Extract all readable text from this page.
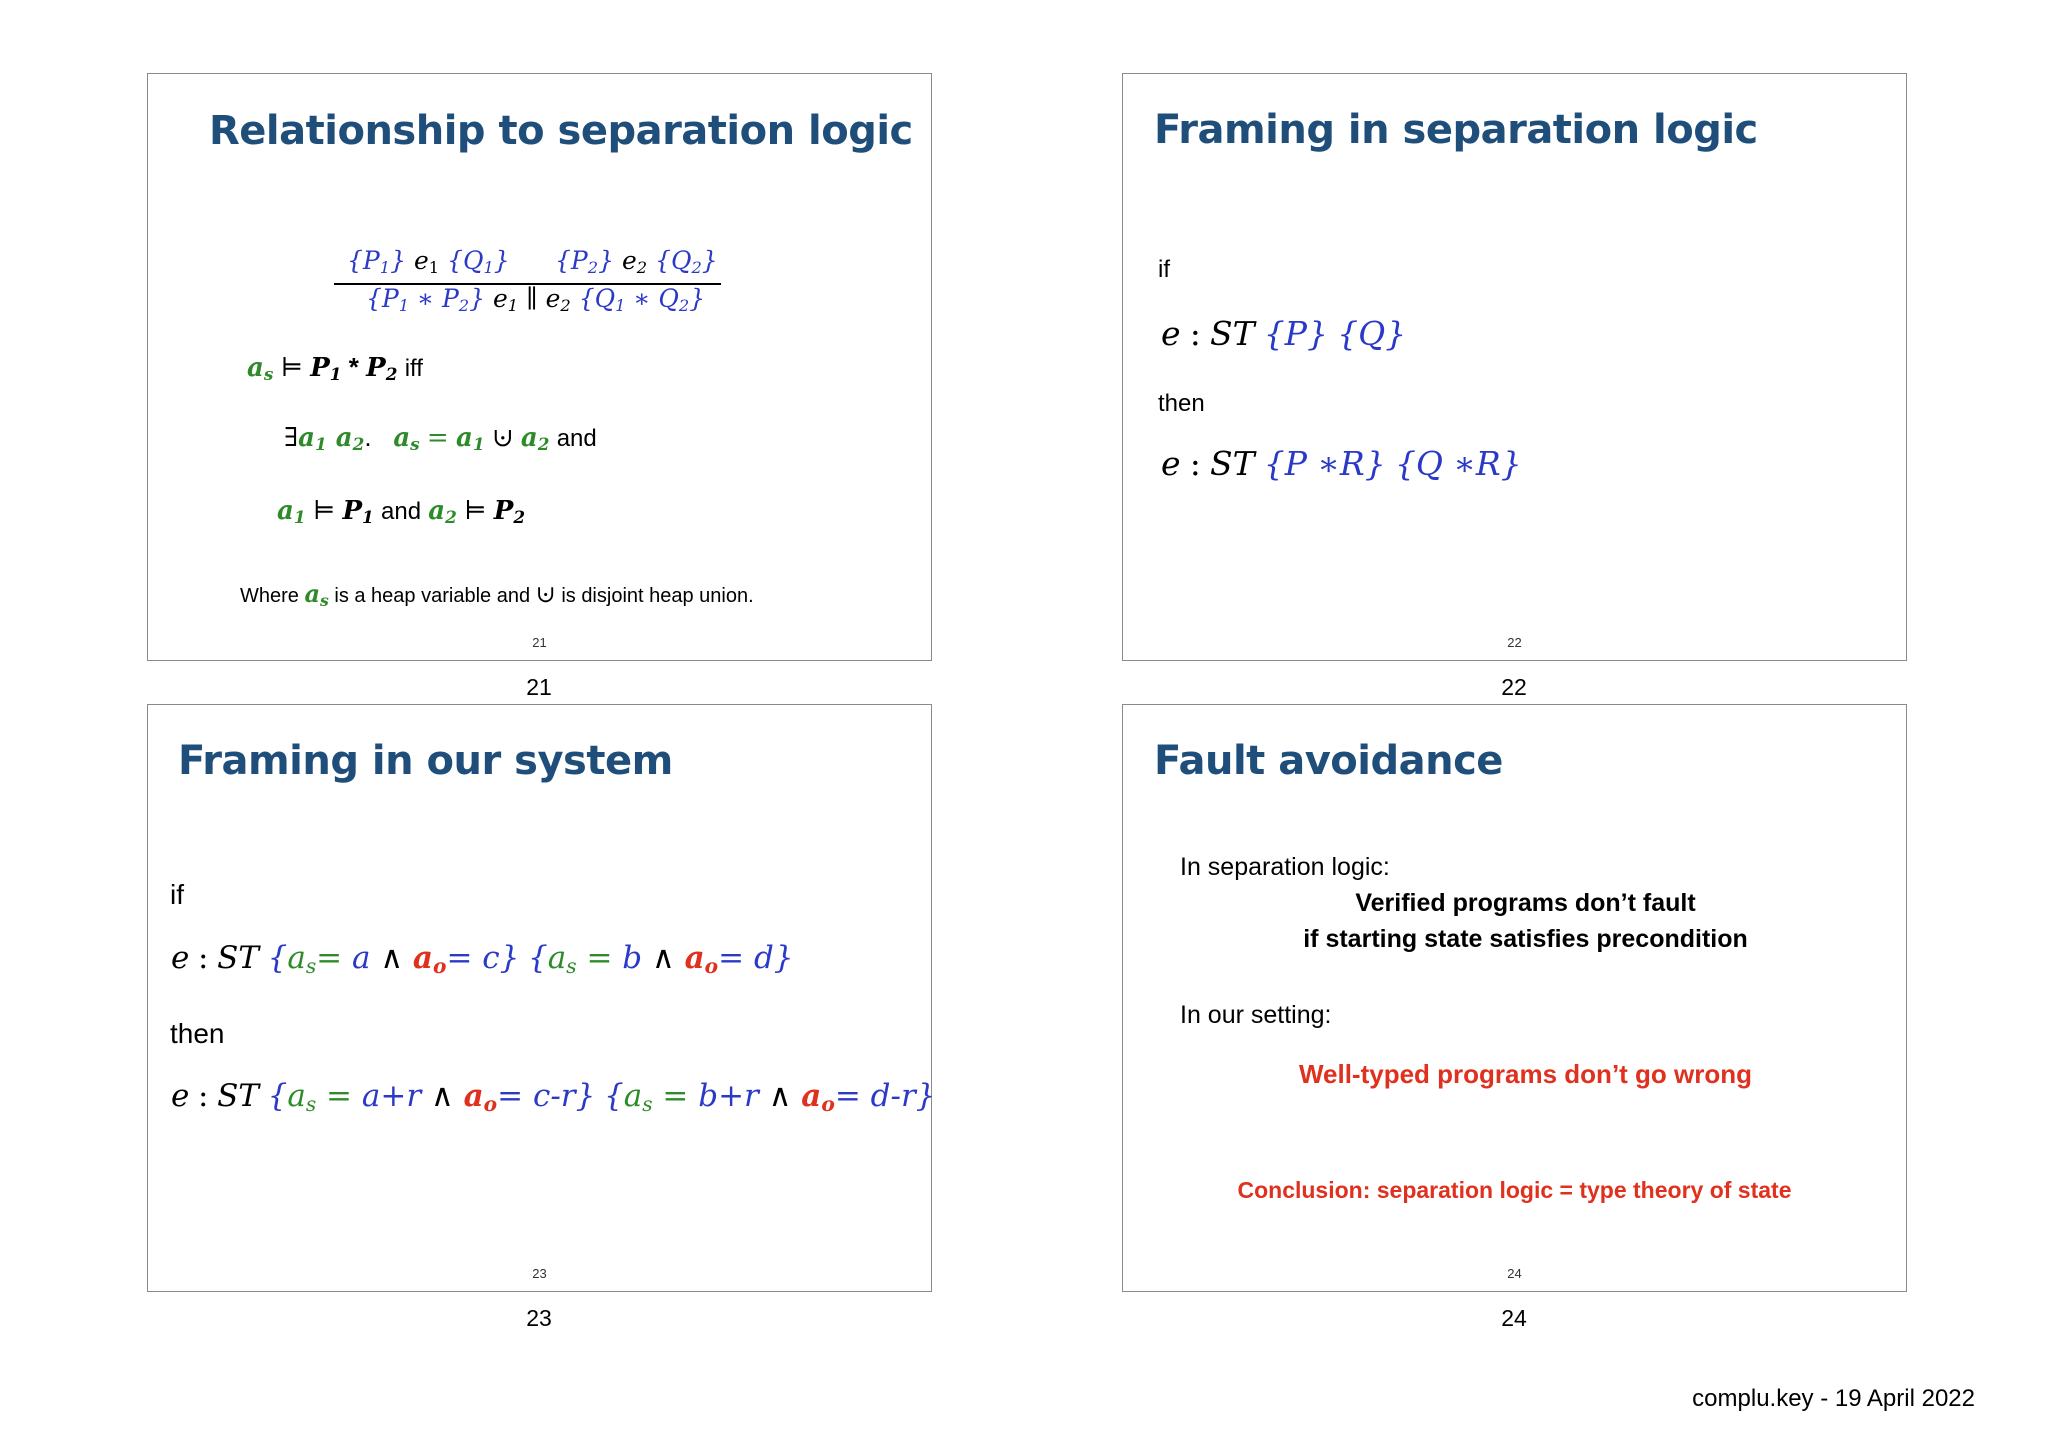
Relationship to separation logic
$\{P_1\}$ $e_1$ $\{Q_1\}$ $\{P_2\}$ $e_2$ $\{Q_2\}$
{$P_1$ ∗ $P_2$} $e_1$ ∥ $e_2$ {$Q_1$ ∗ $Q_2$}
$a_s$ ⊨ $P_1 * P_2$ iff
$\exists a_1$ $a_2$.   $a_s = a_1$ ⊍ $a_2$ and
$a_1$ ⊨ $P_1$ and $a_2$ ⊨ $P_2$
Where $a_s$ is a heap variable and ⊍ is disjoint heap union.
21
21
Framing in separation logic
if
e : ST {P} {Q}
then
e : ST {P ∗R} {Q ∗R}
22
22
Framing in our system
if
e : ST {$a_s= a$ ∧ $a_o= c$} {$a_s = b$ ∧ $a_o= d$}
then
e : ST {$a_s = a+r$ ∧ $a_o= c-r$} {$a_s = b+r$ ∧ $a_o= d-r$}
23
23
Fault avoidance
In separation logic:
Verified programs don’t fault
if starting state satisfies precondition
In our setting:
Well-typed programs don’t go wrong
Conclusion: separation logic = type theory of state
24
24
complu.key - 19 April 2022
